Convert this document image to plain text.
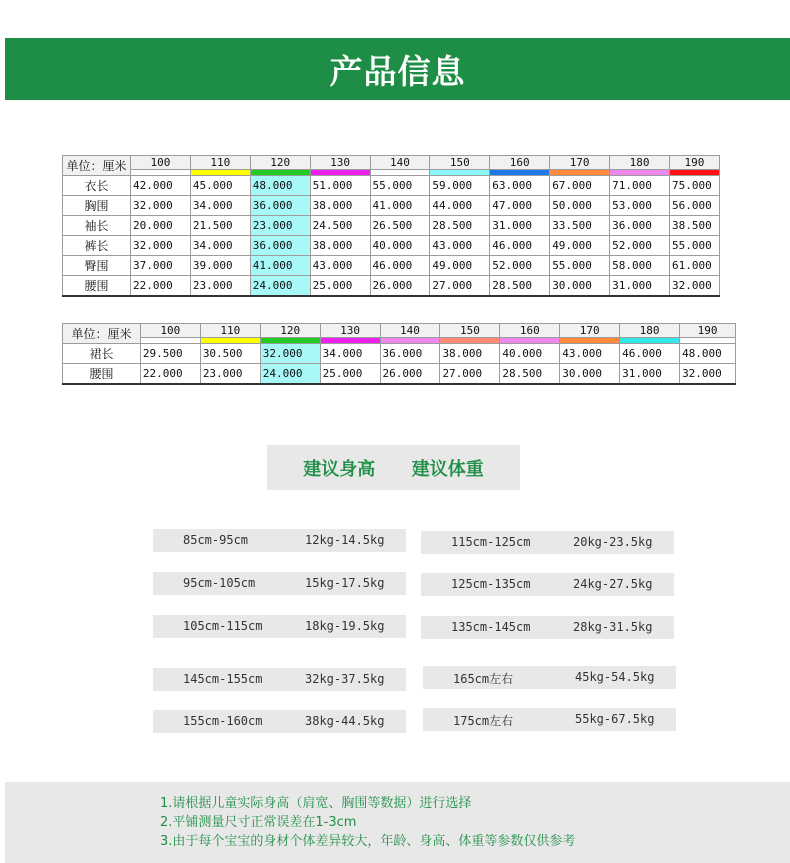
产品信息
单位：厘米	100	110	120	130	140	150	160	170	180	190

衣长	42.000	45.000	48.000	51.000	55.000	59.000	63.000	67.000	71.000	75.000
胸围	32.000	34.000	36.000	38.000	41.000	44.000	47.000	50.000	53.000	56.000
袖长	20.000	21.500	23.000	24.500	26.500	28.500	31.000	33.500	36.000	38.500
裤长	32.000	34.000	36.000	38.000	40.000	43.000	46.000	49.000	52.000	55.000
臀围	37.000	39.000	41.000	43.000	46.000	49.000	52.000	55.000	58.000	61.000
腰围	22.000	23.000	24.000	25.000	26.000	27.000	28.500	30.000	31.000	32.000
单位：厘米	100	110	120	130	140	150	160	170	180	190

裙长	29.500	30.500	32.000	34.000	36.000	38.000	40.000	43.000	46.000	48.000
腰围	22.000	23.000	24.000	25.000	26.000	27.000	28.500	30.000	31.000	32.000
建议身高 建议体重
85cm-95cm	12kg-14.5kg	115cm-125cm	20kg-23.5kg
95cm-105cm	15kg-17.5kg	125cm-135cm	24kg-27.5kg
105cm-115cm	18kg-19.5kg	135cm-145cm	28kg-31.5kg
145cm-155cm	32kg-37.5kg	165cm左右	45kg-54.5kg
155cm-160cm	38kg-44.5kg	175cm左右	55kg-67.5kg
1.请根据儿童实际身高（肩宽、胸围等数据）进行选择
2.平铺测量尺寸正常误差在1-3cm
3.由于每个宝宝的身材个体差异较大，年龄、身高、体重等参数仅供参考
